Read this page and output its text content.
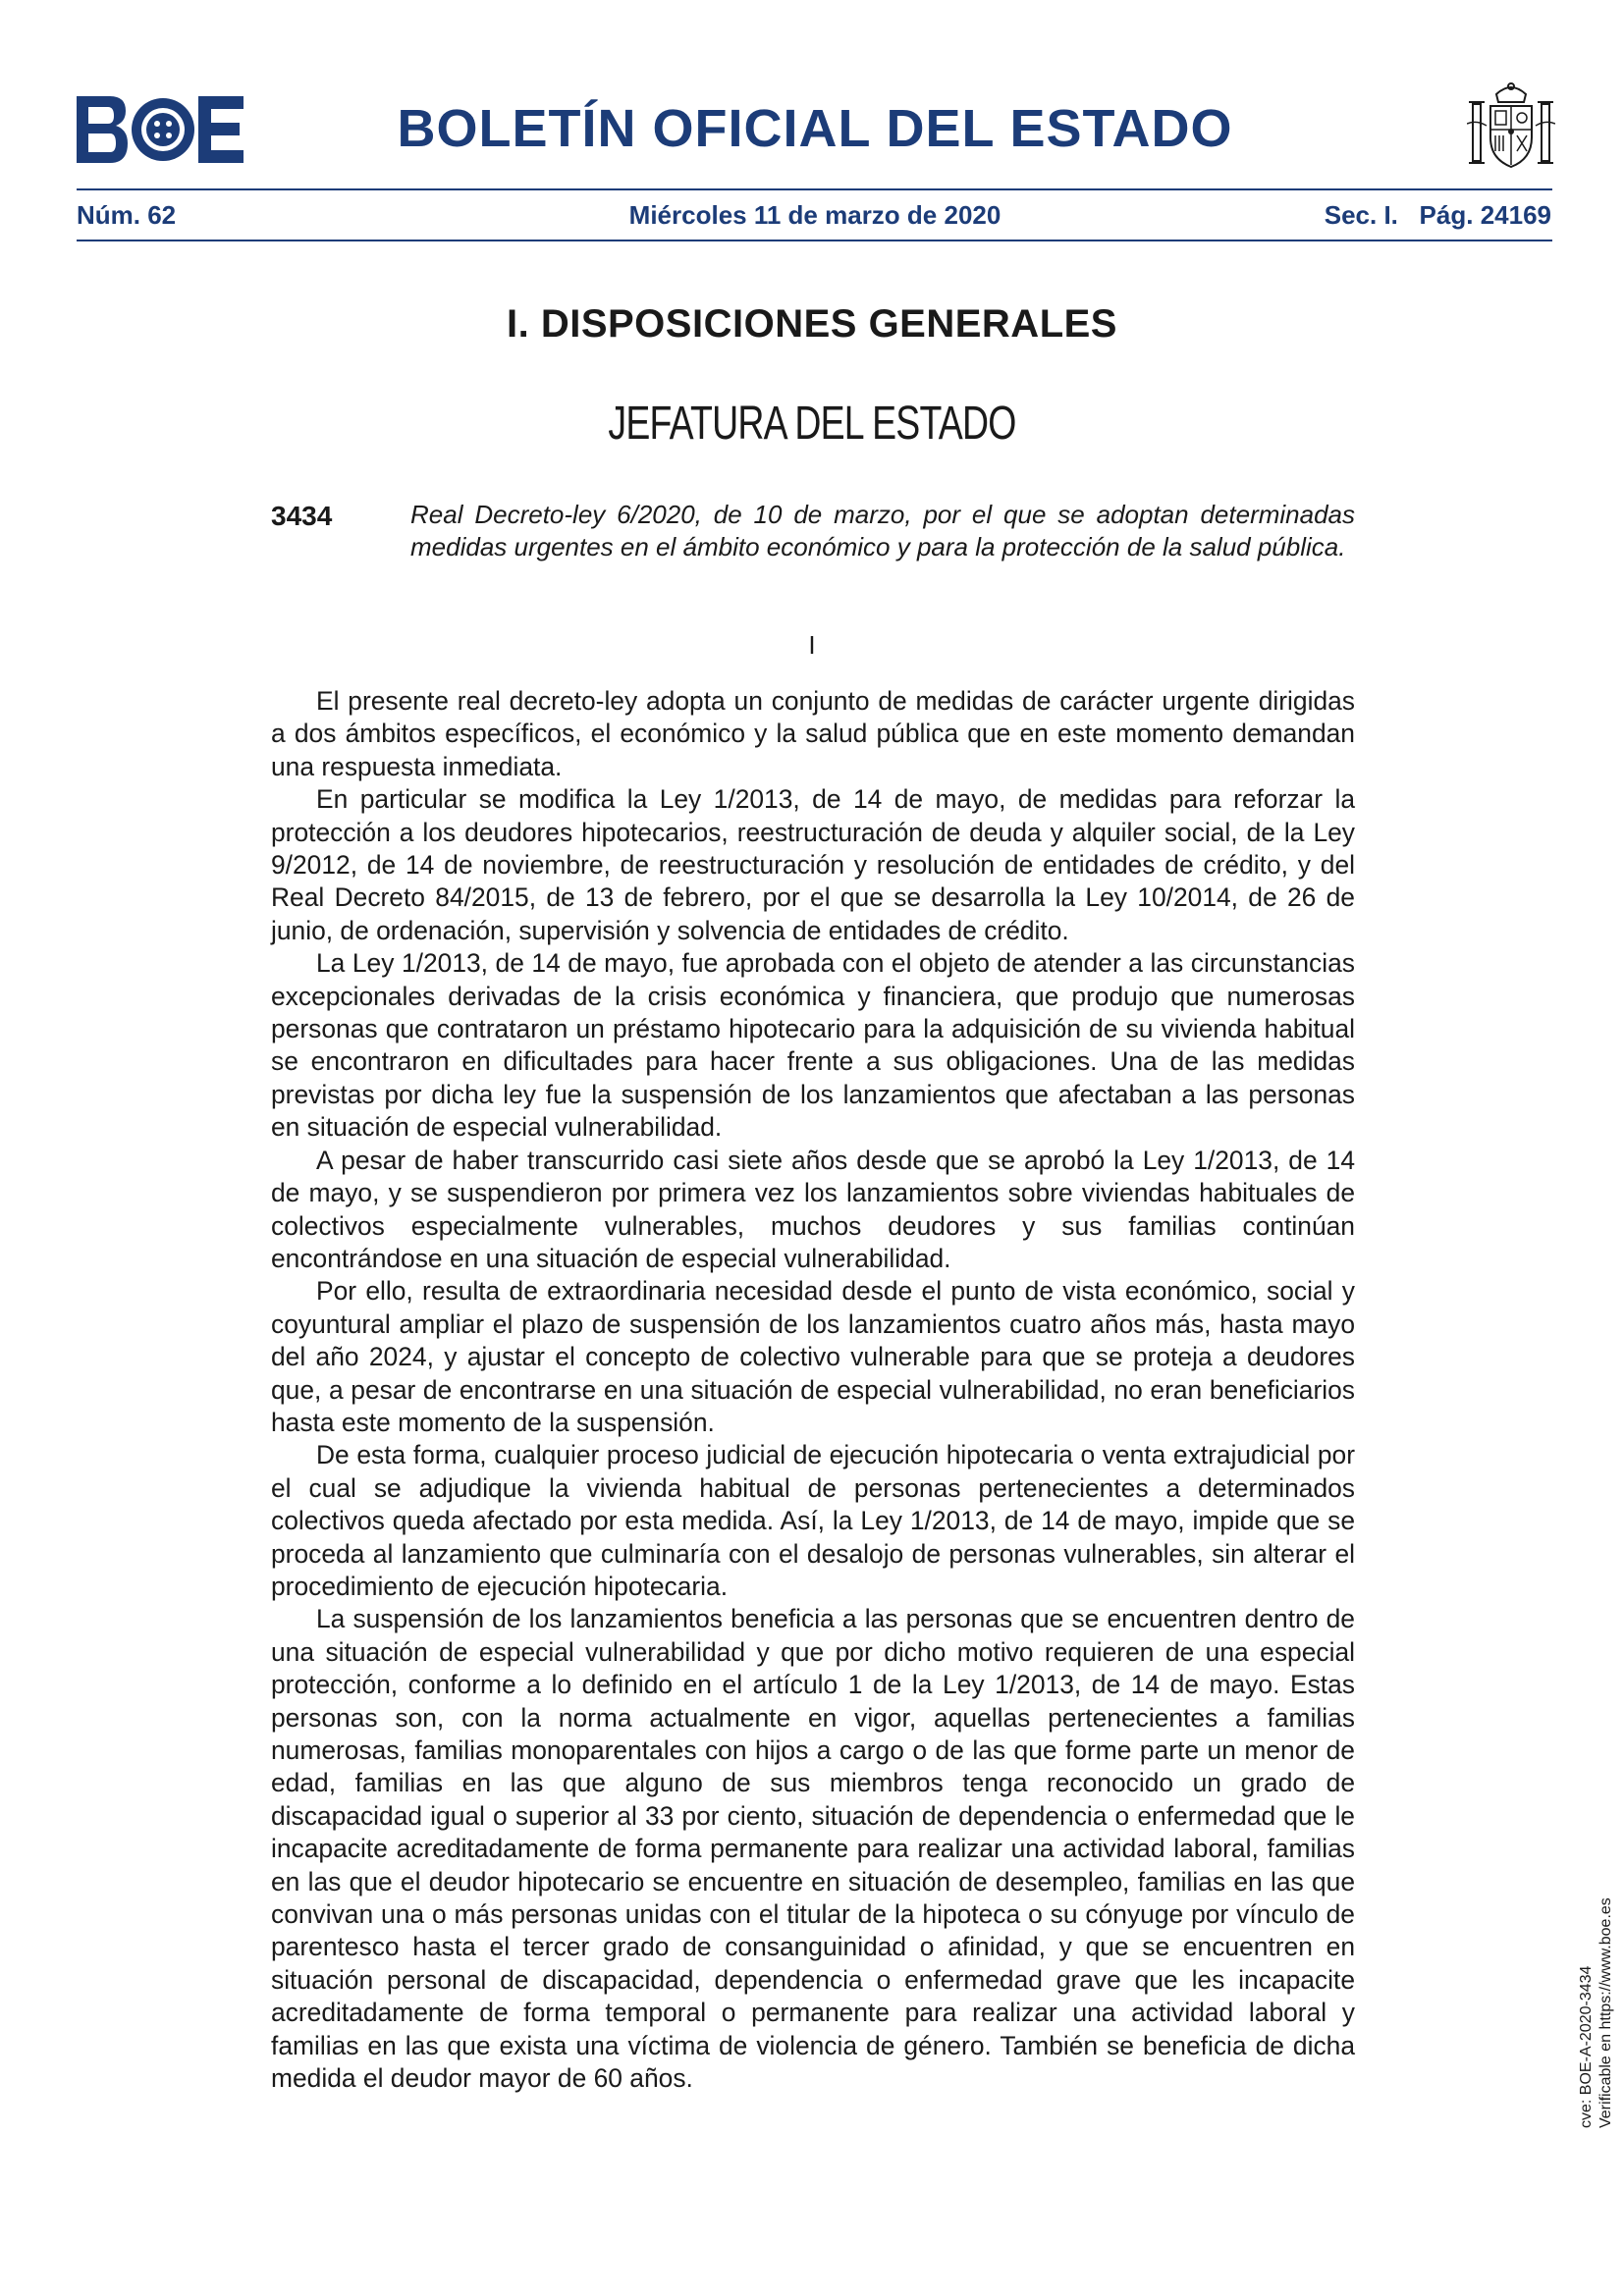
BOLETÍN OFICIAL DEL ESTADO
Núm. 62	Miércoles 11 de marzo de 2020	Sec. I.   Pág. 24169
I. DISPOSICIONES GENERALES
JEFATURA DEL ESTADO
3434	Real Decreto-ley 6/2020, de 10 de marzo, por el que se adoptan determinadas medidas urgentes en el ámbito económico y para la protección de la salud pública.
I

El presente real decreto-ley adopta un conjunto de medidas de carácter urgente dirigidas a dos ámbitos específicos, el económico y la salud pública que en este momento demandan una respuesta inmediata.

En particular se modifica la Ley 1/2013, de 14 de mayo, de medidas para reforzar la protección a los deudores hipotecarios, reestructuración de deuda y alquiler social, de la Ley 9/2012, de 14 de noviembre, de reestructuración y resolución de entidades de crédito, y del Real Decreto 84/2015, de 13 de febrero, por el que se desarrolla la Ley 10/2014, de 26 de junio, de ordenación, supervisión y solvencia de entidades de crédito.

La Ley 1/2013, de 14 de mayo, fue aprobada con el objeto de atender a las circunstancias excepcionales derivadas de la crisis económica y financiera, que produjo que numerosas personas que contrataron un préstamo hipotecario para la adquisición de su vivienda habitual se encontraron en dificultades para hacer frente a sus obligaciones. Una de las medidas previstas por dicha ley fue la suspensión de los lanzamientos que afectaban a las personas en situación de especial vulnerabilidad.

A pesar de haber transcurrido casi siete años desde que se aprobó la Ley 1/2013, de 14 de mayo, y se suspendieron por primera vez los lanzamientos sobre viviendas habituales de colectivos especialmente vulnerables, muchos deudores y sus familias continúan encontrándose en una situación de especial vulnerabilidad.

Por ello, resulta de extraordinaria necesidad desde el punto de vista económico, social y coyuntural ampliar el plazo de suspensión de los lanzamientos cuatro años más, hasta mayo del año 2024, y ajustar el concepto de colectivo vulnerable para que se proteja a deudores que, a pesar de encontrarse en una situación de especial vulnerabilidad, no eran beneficiarios hasta este momento de la suspensión.

De esta forma, cualquier proceso judicial de ejecución hipotecaria o venta extrajudicial por el cual se adjudique la vivienda habitual de personas pertenecientes a determinados colectivos queda afectado por esta medida. Así, la Ley 1/2013, de 14 de mayo, impide que se proceda al lanzamiento que culminaría con el desalojo de personas vulnerables, sin alterar el procedimiento de ejecución hipotecaria.

La suspensión de los lanzamientos beneficia a las personas que se encuentren dentro de una situación de especial vulnerabilidad y que por dicho motivo requieren de una especial protección, conforme a lo definido en el artículo 1 de la Ley 1/2013, de 14 de mayo. Estas personas son, con la norma actualmente en vigor, aquellas pertenecientes a familias numerosas, familias monoparentales con hijos a cargo o de las que forme parte un menor de edad, familias en las que alguno de sus miembros tenga reconocido un grado de discapacidad igual o superior al 33 por ciento, situación de dependencia o enfermedad que le incapacite acreditadamente de forma permanente para realizar una actividad laboral, familias en las que el deudor hipotecario se encuentre en situación de desempleo, familias en las que convivan una o más personas unidas con el titular de la hipoteca o su cónyuge por vínculo de parentesco hasta el tercer grado de consanguinidad o afinidad, y que se encuentren en situación personal de discapacidad, dependencia o enfermedad grave que les incapacite acreditadamente de forma temporal o permanente para realizar una actividad laboral y familias en las que exista una víctima de violencia de género. También se beneficia de dicha medida el deudor mayor de 60 años.	cve: BOE-A-2020-3434 Verificable en https://www.boe.es
